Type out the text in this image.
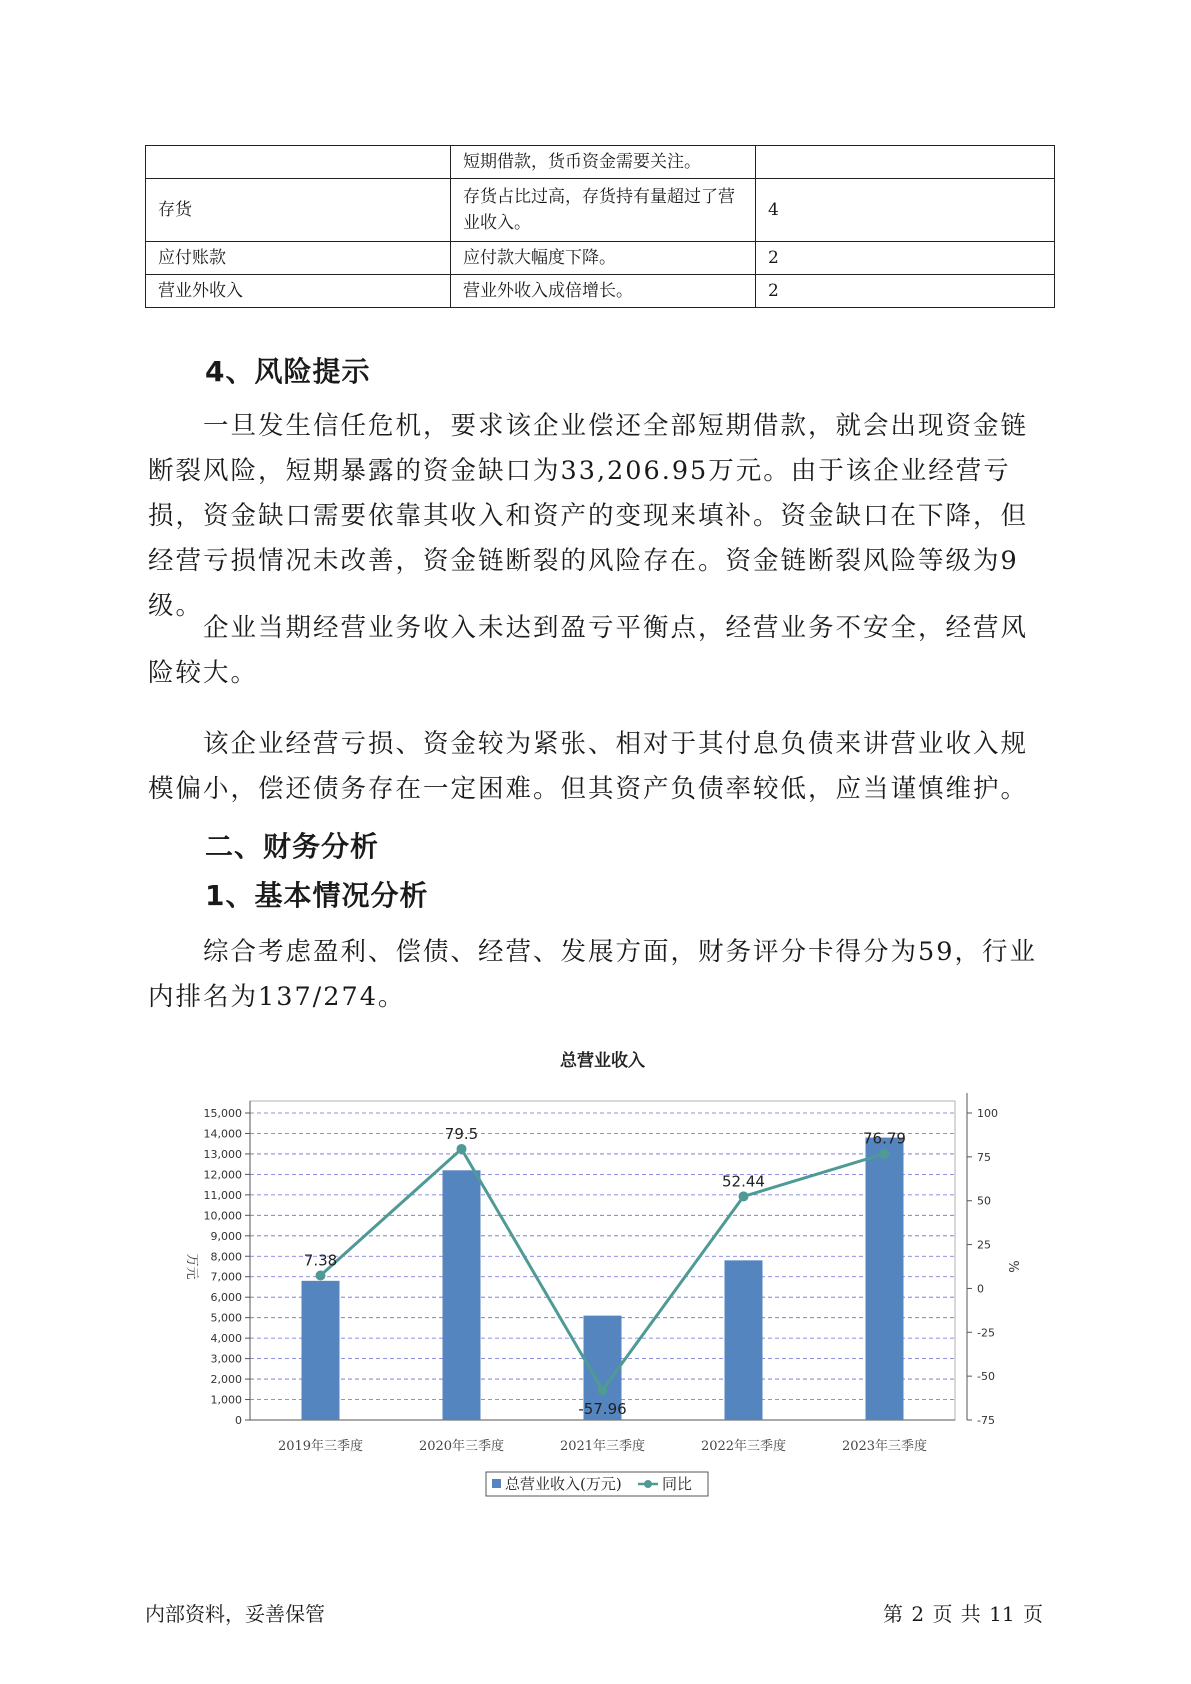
	短期借款，货币资金需要关注。	
存货	存货占比过高，存货持有量超过了营业收入。	4
应付账款	应付款大幅度下降。	2
营业外收入	营业外收入成倍增长。	2
4、风险提示

一旦发生信任危机，要求该企业偿还全部短期借款，就会出现资金链断裂风险，短期暴露的资金缺口为33,206.95万元。由于该企业经营亏损，资金缺口需要依靠其收入和资产的变现来填补。资金缺口在下降，但经营亏损情况未改善，资金链断裂的风险存在。资金链断裂风险等级为9级。

企业当期经营业务收入未达到盈亏平衡点，经营业务不安全，经营风险较大。

该企业经营亏损、资金较为紧张、相对于其付息负债来讲营业收入规模偏小，偿还债务存在一定困难。但其资产负债率较低，应当谨慎维护。

二、财务分析
1、基本情况分析

综合考虑盈利、偿债、经营、发展方面，财务评分卡得分为59，行业内排名为137/274。

总营业收入
0
1,000
2,000
3,000
4,000
5,000
6,000
7,000
8,000
9,000
10,000
11,000
12,000
13,000
14,000
15,000
万元
-75
-50
-25
0
25
50
75
100
%
2019年三季度	2020年三季度	2021年三季度	2022年三季度	2023年三季度
7.38
79.5
-57.96
52.44
76.79
总营业收入(万元)	同比
内部资料，妥善保管	第 2 页 共 11 页
